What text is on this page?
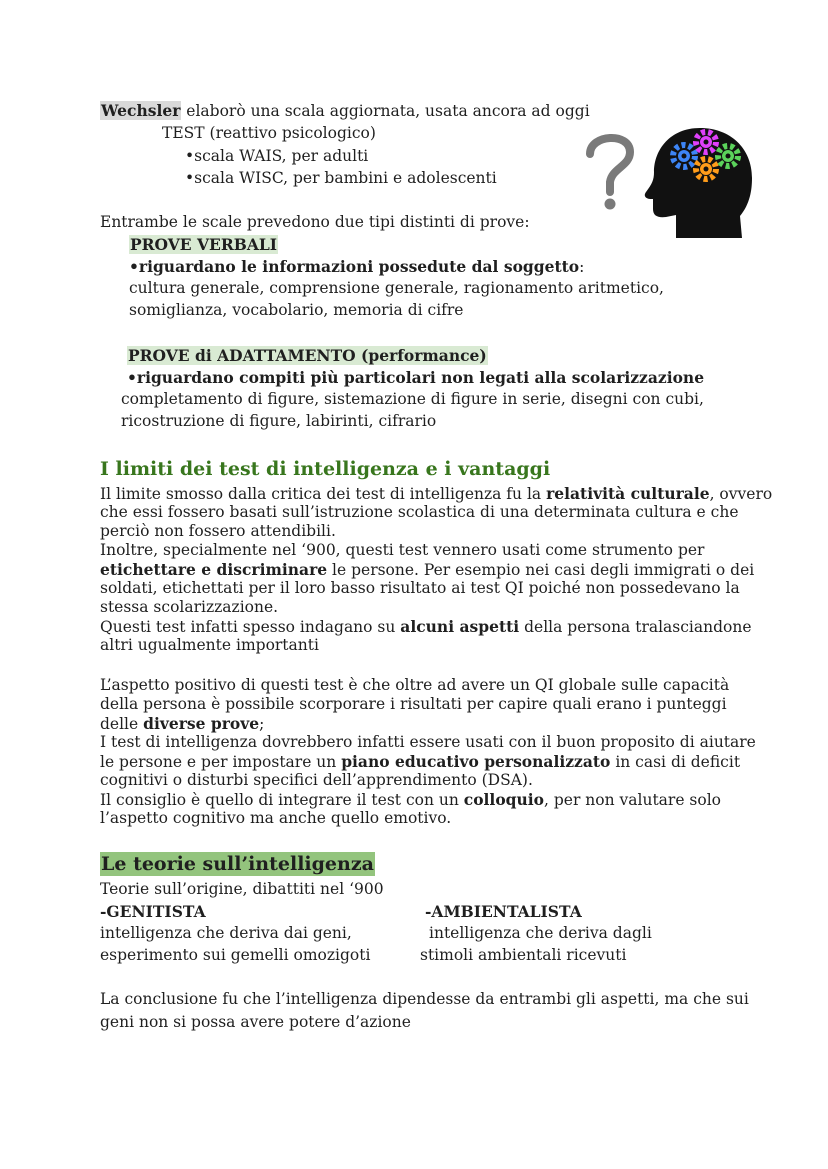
Wechsler elaborò una scala aggiornata, usata ancora ad oggi
TEST (reattivo psicologico)
•scala WAIS, per adulti
•scala WISC, per bambini e adolescenti
Entrambe le scale prevedono due tipi distinti di prove:
PROVE VERBALI
•riguardano le informazioni possedute dal soggetto:
cultura generale, comprensione generale, ragionamento aritmetico,
somiglianza, vocabolario, memoria di cifre
PROVE di ADATTAMENTO (performance)
•riguardano compiti più particolari non legati alla scolarizzazione
completamento di figure, sistemazione di figure in serie, disegni con cubi,
ricostruzione di figure, labirinti, cifrario
I limiti dei test di intelligenza e i vantaggi
Il limite smosso dalla critica dei test di intelligenza fu la relatività culturale, ovvero
che essi fossero basati sull’istruzione scolastica di una determinata cultura e che
perciò non fossero attendibili.
Inoltre, specialmente nel ‘900, questi test vennero usati come strumento per
etichettare e discriminare le persone. Per esempio nei casi degli immigrati o dei
soldati, etichettati per il loro basso risultato ai test QI poiché non possedevano la
stessa scolarizzazione.
Questi test infatti spesso indagano su alcuni aspetti della persona tralasciandone
altri ugualmente importanti
L’aspetto positivo di questi test è che oltre ad avere un QI globale sulle capacità
della persona è possibile scorporare i risultati per capire quali erano i punteggi
delle diverse prove;
I test di intelligenza dovrebbero infatti essere usati con il buon proposito di aiutare
le persone e per impostare un piano educativo personalizzato in casi di deficit
cognitivi o disturbi specifici dell’apprendimento (DSA).
Il consiglio è quello di integrare il test con un colloquio, per non valutare solo
l’aspetto cognitivo ma anche quello emotivo.
Le teorie sull’intelligenza
Teorie sull’origine, dibattiti nel ‘900
-GENITISTA
intelligenza che deriva dai geni,
esperimento sui gemelli omozigoti
-AMBIENTALISTA
intelligenza che deriva dagli
stimoli ambientali ricevuti
La conclusione fu che l’intelligenza dipendesse da entrambi gli aspetti, ma che sui
geni non si possa avere potere d’azione
